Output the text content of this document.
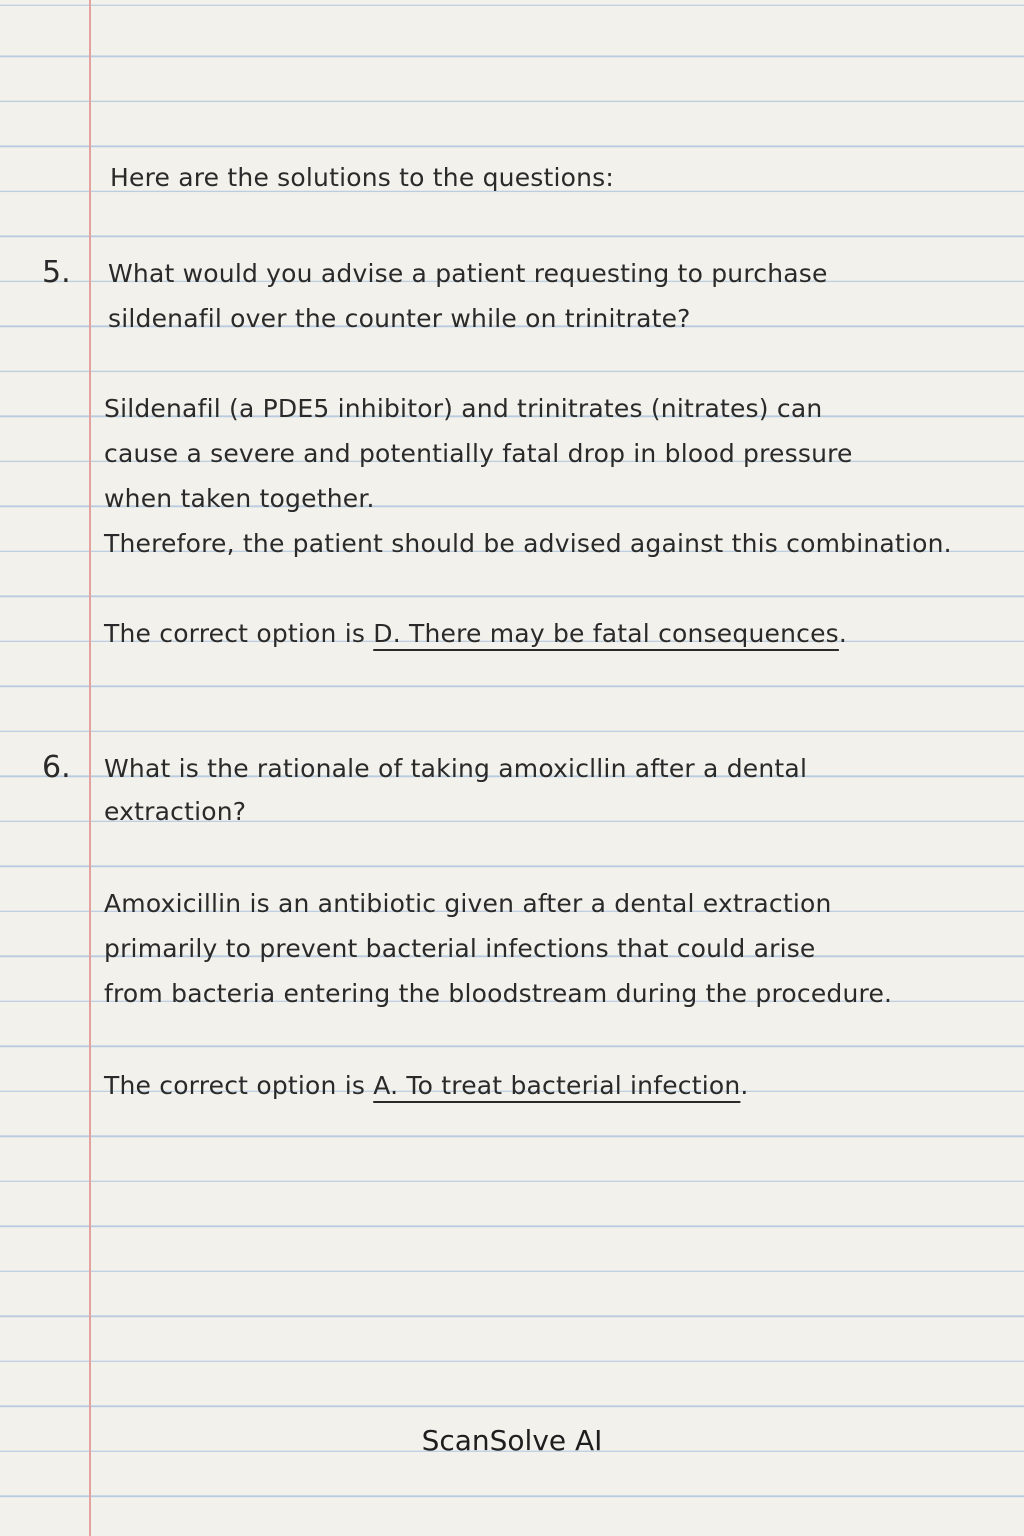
Here are the solutions to the questions:
5. What would you advise a patient requesting to purchase
sildenafil over the counter while on trinitrate?
Sildenafil (a PDE5 inhibitor) and trinitrates (nitrates) can
cause a severe and potentially fatal drop in blood pressure
when taken together.
Therefore, the patient should be advised against this combination.
The correct option is D. There may be fatal consequences.
6. What is the rationale of taking amoxicllin after a dental
extraction?
Amoxicillin is an antibiotic given after a dental extraction
primarily to prevent bacterial infections that could arise
from bacteria entering the bloodstream during the procedure.
The correct option is A. To treat bacterial infection.
ScanSolve AI
